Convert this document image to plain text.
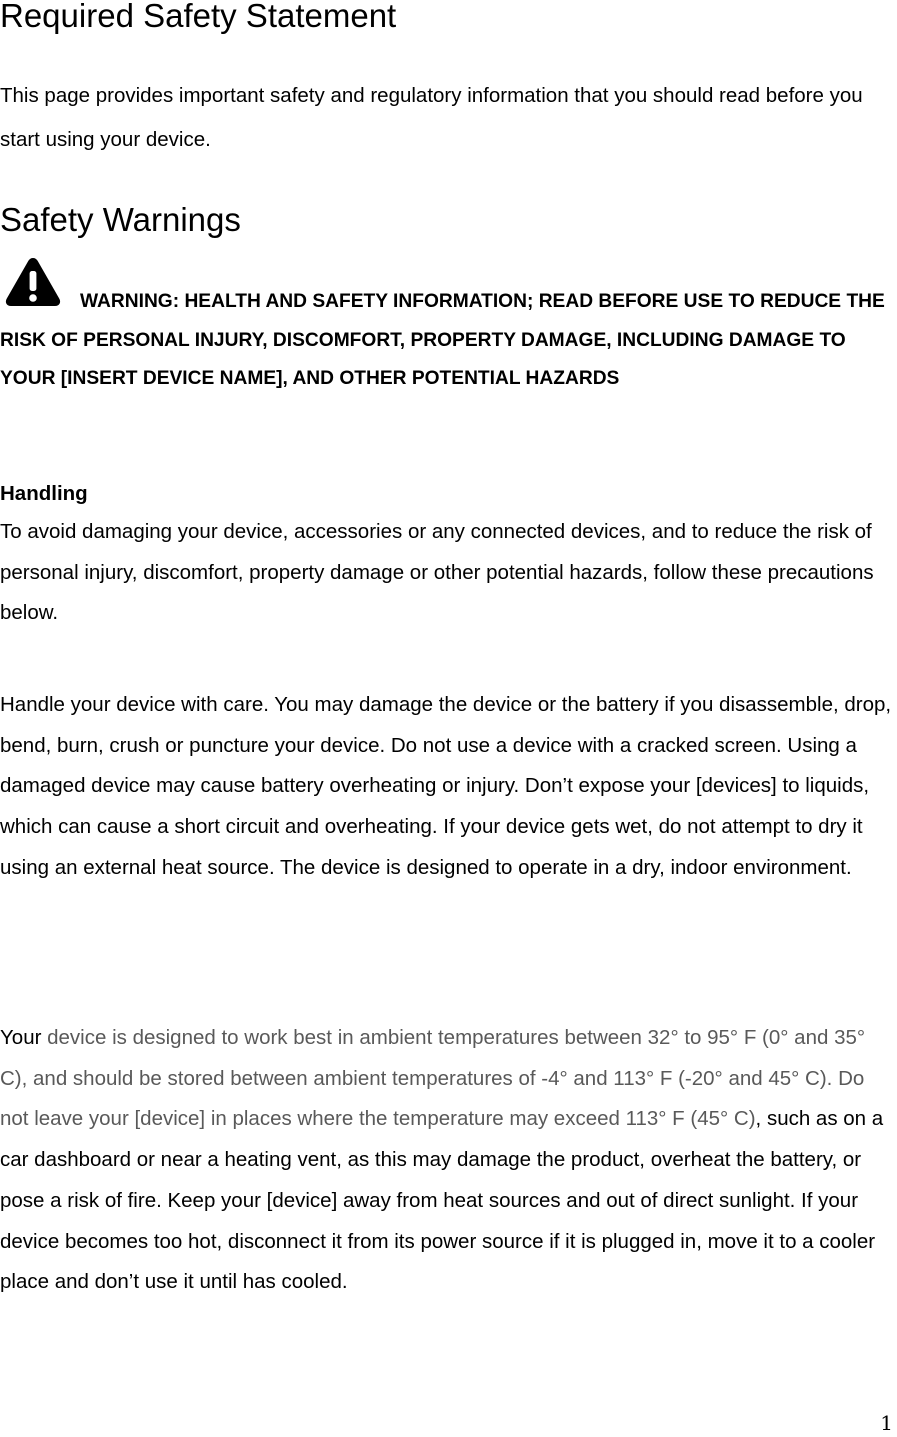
Required Safety Statement

This page provides important safety and regulatory information that you should read before you start using your device.

Safety Warnings

WARNING: HEALTH AND SAFETY INFORMATION; READ BEFORE USE TO REDUCE THE RISK OF PERSONAL INJURY, DISCOMFORT, PROPERTY DAMAGE, INCLUDING DAMAGE TO YOUR [INSERT DEVICE NAME], AND OTHER POTENTIAL HAZARDS

Handling

To avoid damaging your device, accessories or any connected devices, and to reduce the risk of personal injury, discomfort, property damage or other potential hazards, follow these precautions below.

Handle your device with care. You may damage the device or the battery if you disassemble, drop, bend, burn, crush or puncture your device. Do not use a device with a cracked screen. Using a damaged device may cause battery overheating or injury. Don’t expose your [devices] to liquids, which can cause a short circuit and overheating. If your device gets wet, do not attempt to dry it using an external heat source. The device is designed to operate in a dry, indoor environment.

Your device is designed to work best in ambient temperatures between 32° to 95° F (0° and 35° C), and should be stored between ambient temperatures of -4° and 113° F (-20° and 45° C). Do not leave your [device] in places where the temperature may exceed 113° F (45° C), such as on a car dashboard or near a heating vent, as this may damage the product, overheat the battery, or pose a risk of fire. Keep your [device] away from heat sources and out of direct sunlight. If your device becomes too hot, disconnect it from its power source if it is plugged in, move it to a cooler place and don’t use it until has cooled.

1
